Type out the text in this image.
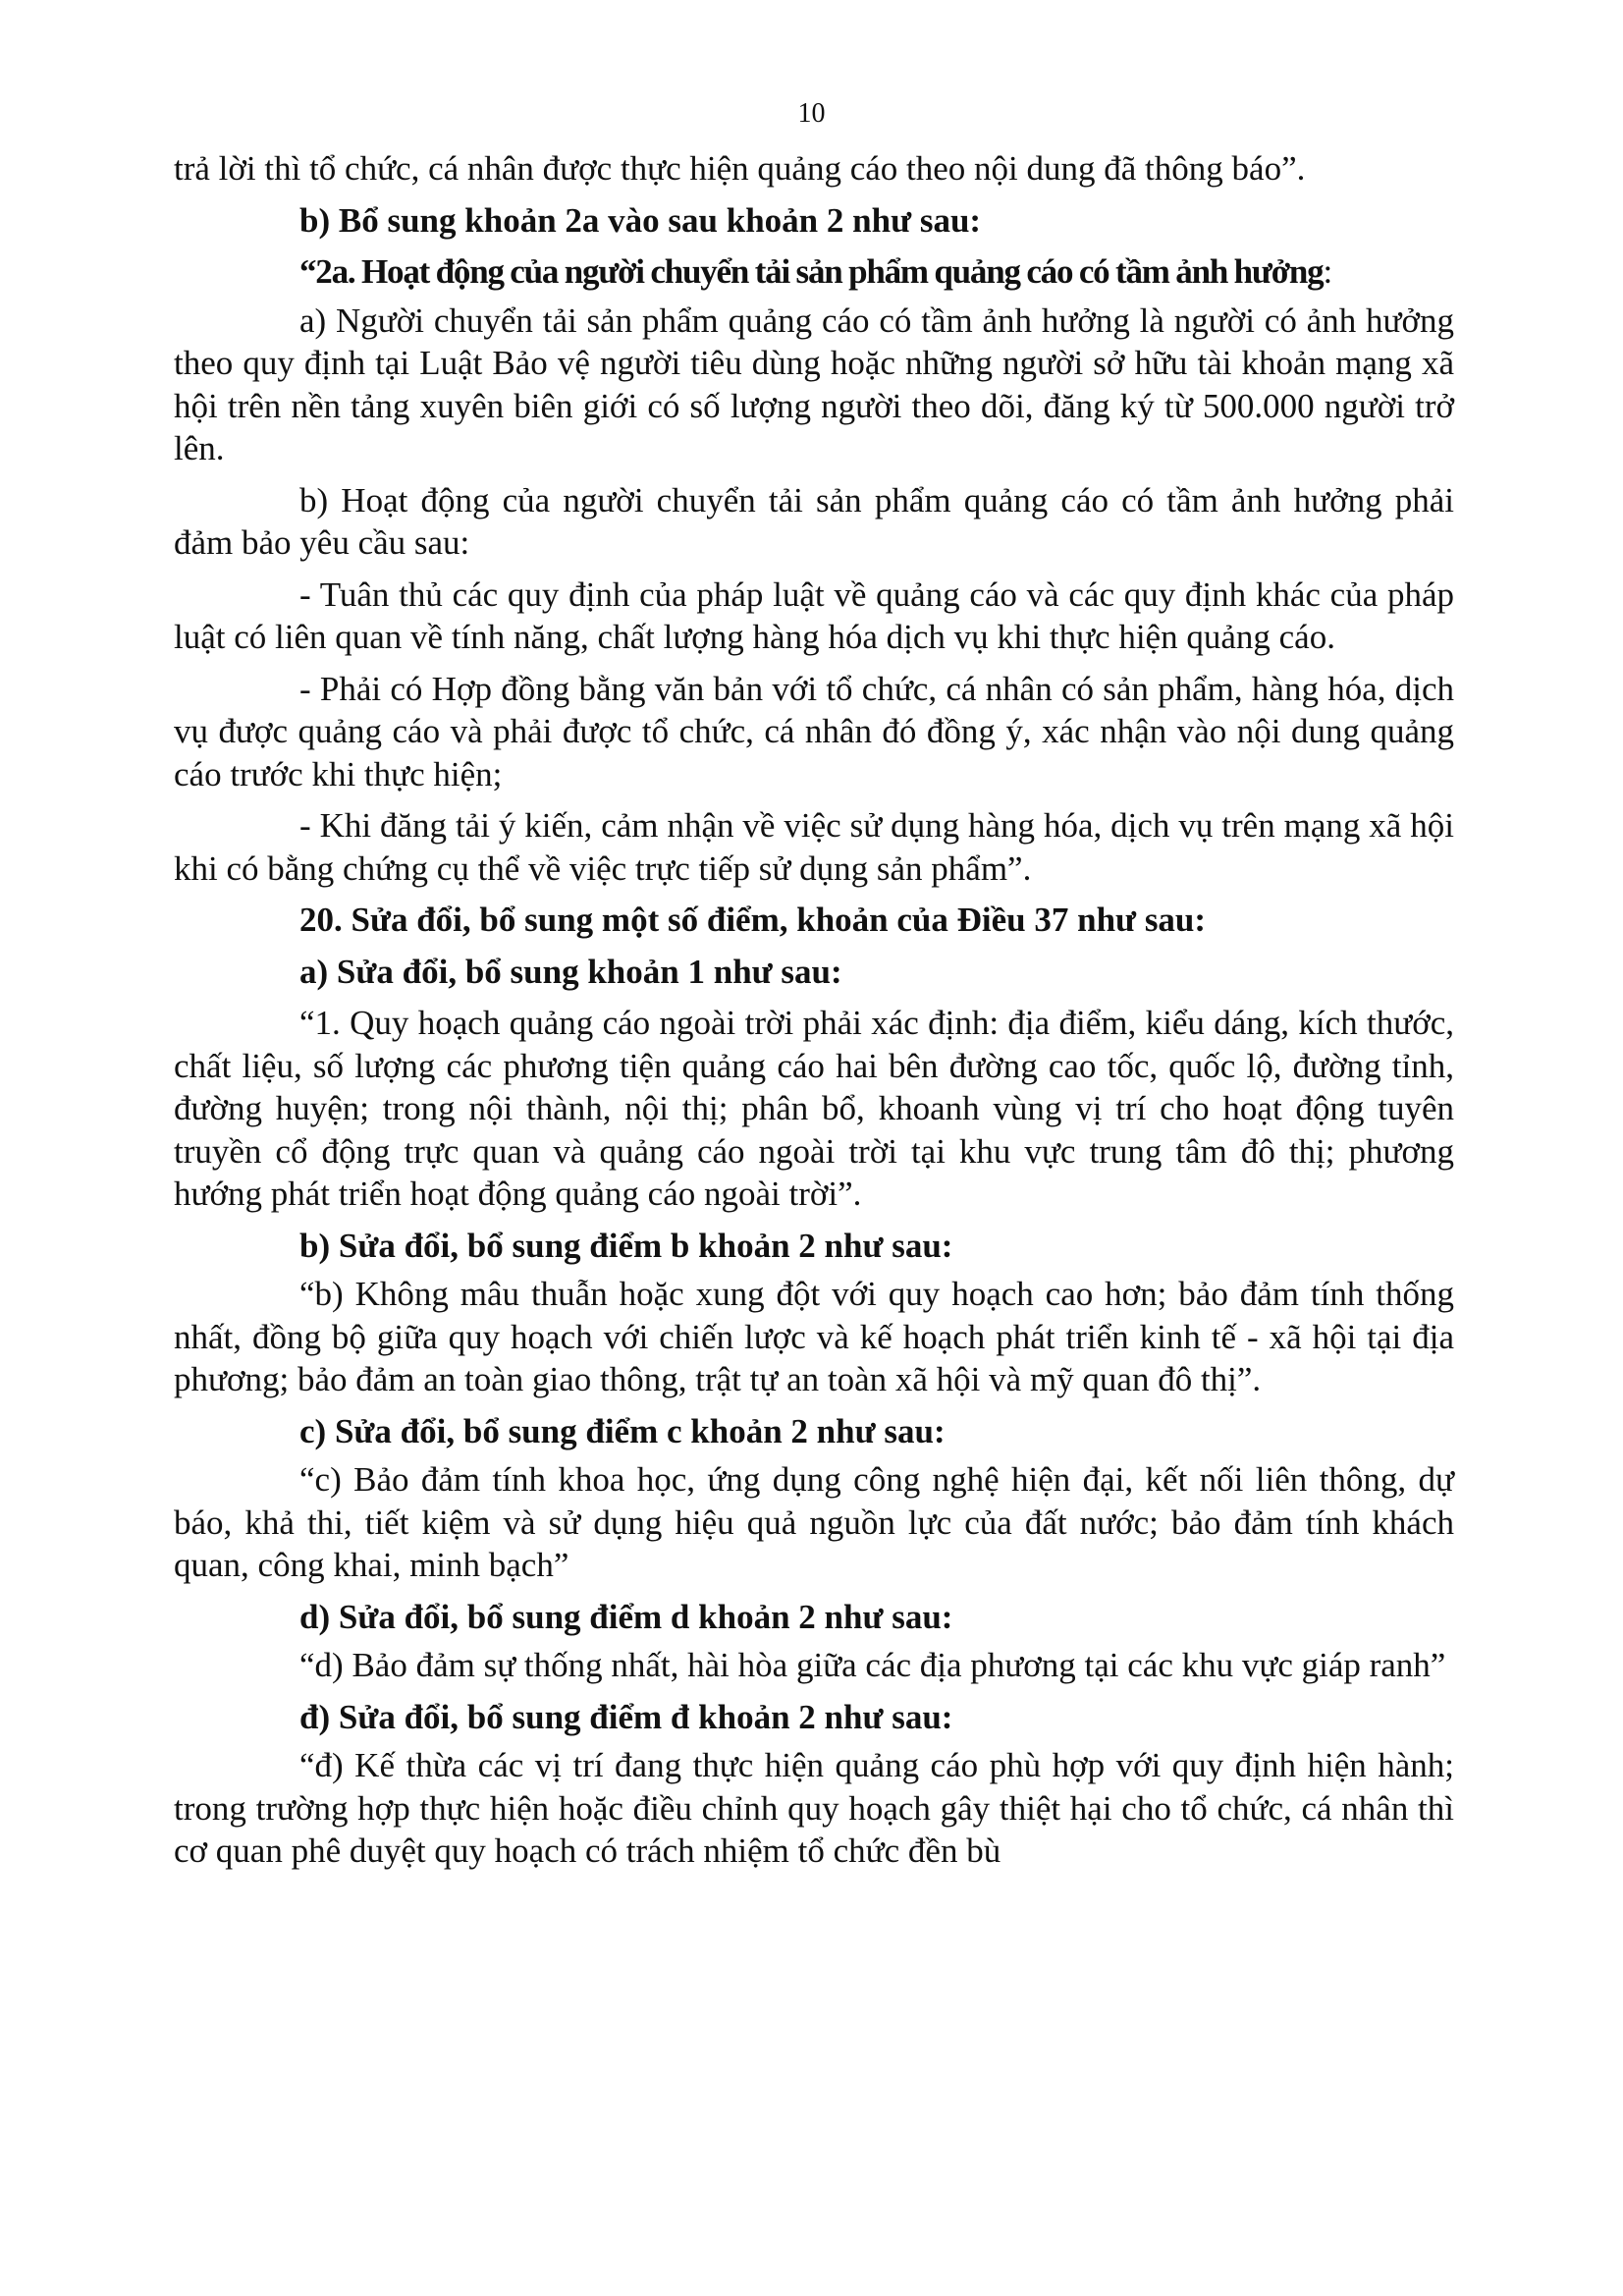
10

trả lời thì tổ chức, cá nhân được thực hiện quảng cáo theo nội dung đã thông báo”.

b) Bổ sung khoản 2a vào sau khoản 2 như sau:

“2a. Hoạt động của người chuyển tải sản phẩm quảng cáo có tầm ảnh hưởng:

a) Người chuyển tải sản phẩm quảng cáo có tầm ảnh hưởng là người có ảnh hưởng theo quy định tại Luật Bảo vệ người tiêu dùng hoặc những người sở hữu tài khoản mạng xã hội trên nền tảng xuyên biên giới có số lượng người theo dõi, đăng ký từ 500.000 người trở lên.

b) Hoạt động của người chuyển tải sản phẩm quảng cáo có tầm ảnh hưởng phải đảm bảo yêu cầu sau:

- Tuân thủ các quy định của pháp luật về quảng cáo và các quy định khác của pháp luật có liên quan về tính năng, chất lượng hàng hóa dịch vụ khi thực hiện quảng cáo.

- Phải có Hợp đồng bằng văn bản với tổ chức, cá nhân có sản phẩm, hàng hóa, dịch vụ được quảng cáo và phải được tổ chức, cá nhân đó đồng ý, xác nhận vào nội dung quảng cáo trước khi thực hiện;

- Khi đăng tải ý kiến, cảm nhận về việc sử dụng hàng hóa, dịch vụ trên mạng xã hội khi có bằng chứng cụ thể về việc trực tiếp sử dụng sản phẩm”.

20. Sửa đổi, bổ sung một số điểm, khoản của Điều 37 như sau:

a) Sửa đổi, bổ sung khoản 1 như sau:

“1. Quy hoạch quảng cáo ngoài trời phải xác định: địa điểm, kiểu dáng, kích thước, chất liệu, số lượng các phương tiện quảng cáo hai bên đường cao tốc, quốc lộ, đường tỉnh, đường huyện; trong nội thành, nội thị; phân bổ, khoanh vùng vị trí cho hoạt động tuyên truyền cổ động trực quan và quảng cáo ngoài trời tại khu vực trung tâm đô thị; phương hướng phát triển hoạt động quảng cáo ngoài trời”.

b) Sửa đổi, bổ sung điểm b khoản 2 như sau:

“b) Không mâu thuẫn hoặc xung đột với quy hoạch cao hơn; bảo đảm tính thống nhất, đồng bộ giữa quy hoạch với chiến lược và kế hoạch phát triển kinh tế - xã hội tại địa phương; bảo đảm an toàn giao thông, trật tự an toàn xã hội và mỹ quan đô thị”.

c) Sửa đổi, bổ sung điểm c khoản 2 như sau:

“c) Bảo đảm tính khoa học, ứng dụng công nghệ hiện đại, kết nối liên thông, dự báo, khả thi, tiết kiệm và sử dụng hiệu quả nguồn lực của đất nước; bảo đảm tính khách quan, công khai, minh bạch”

d) Sửa đổi, bổ sung điểm d khoản 2 như sau:

“d) Bảo đảm sự thống nhất, hài hòa giữa các địa phương tại các khu vực giáp ranh”

đ) Sửa đổi, bổ sung điểm đ khoản 2 như sau:

“đ) Kế thừa các vị trí đang thực hiện quảng cáo phù hợp với quy định hiện hành; trong trường hợp thực hiện hoặc điều chỉnh quy hoạch gây thiệt hại cho tổ chức, cá nhân thì cơ quan phê duyệt quy hoạch có trách nhiệm tổ chức đền bù
